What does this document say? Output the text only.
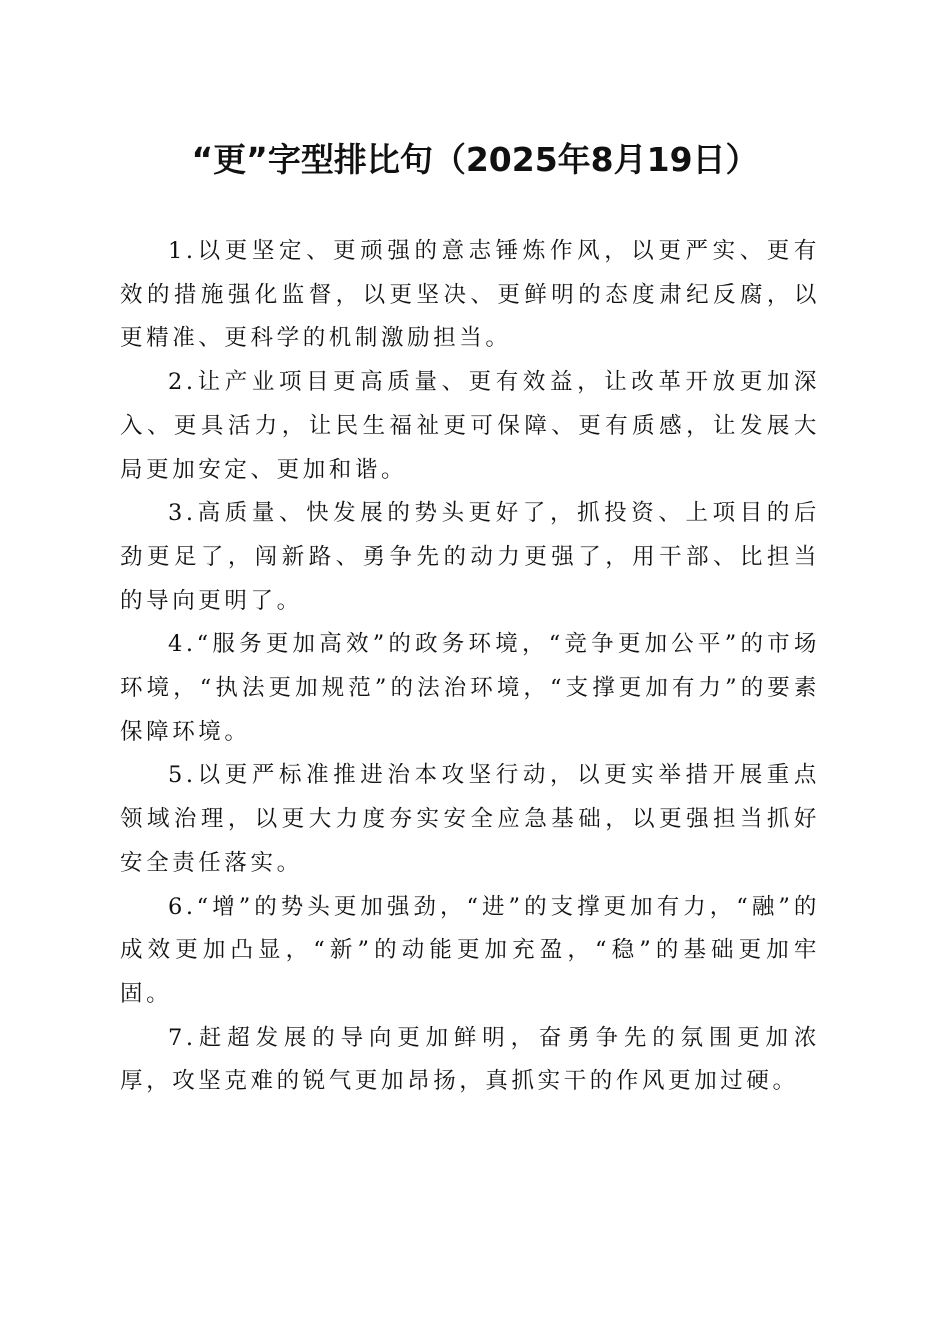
“更”字型排比句（2025年8月19日）

1.以更坚定、更顽强的意志锤炼作风，以更严实、更有效的措施强化监督，以更坚决、更鲜明的态度肃纪反腐，以更精准、更科学的机制激励担当。

2.让产业项目更高质量、更有效益，让改革开放更加深入、更具活力，让民生福祉更可保障、更有质感，让发展大局更加安定、更加和谐。

3.高质量、快发展的势头更好了，抓投资、上项目的后劲更足了，闯新路、勇争先的动力更强了，用干部、比担当的导向更明了。

4.“服务更加高效”的政务环境，“竞争更加公平”的市场环境，“执法更加规范”的法治环境，“支撑更加有力”的要素保障环境。

5.以更严标准推进治本攻坚行动，以更实举措开展重点领域治理，以更大力度夯实安全应急基础，以更强担当抓好安全责任落实。

6.“增”的势头更加强劲，“进”的支撑更加有力，“融”的成效更加凸显，“新”的动能更加充盈，“稳”的基础更加牢固。

7.赶超发展的导向更加鲜明，奋勇争先的氛围更加浓厚，攻坚克难的锐气更加昂扬，真抓实干的作风更加过硬。
